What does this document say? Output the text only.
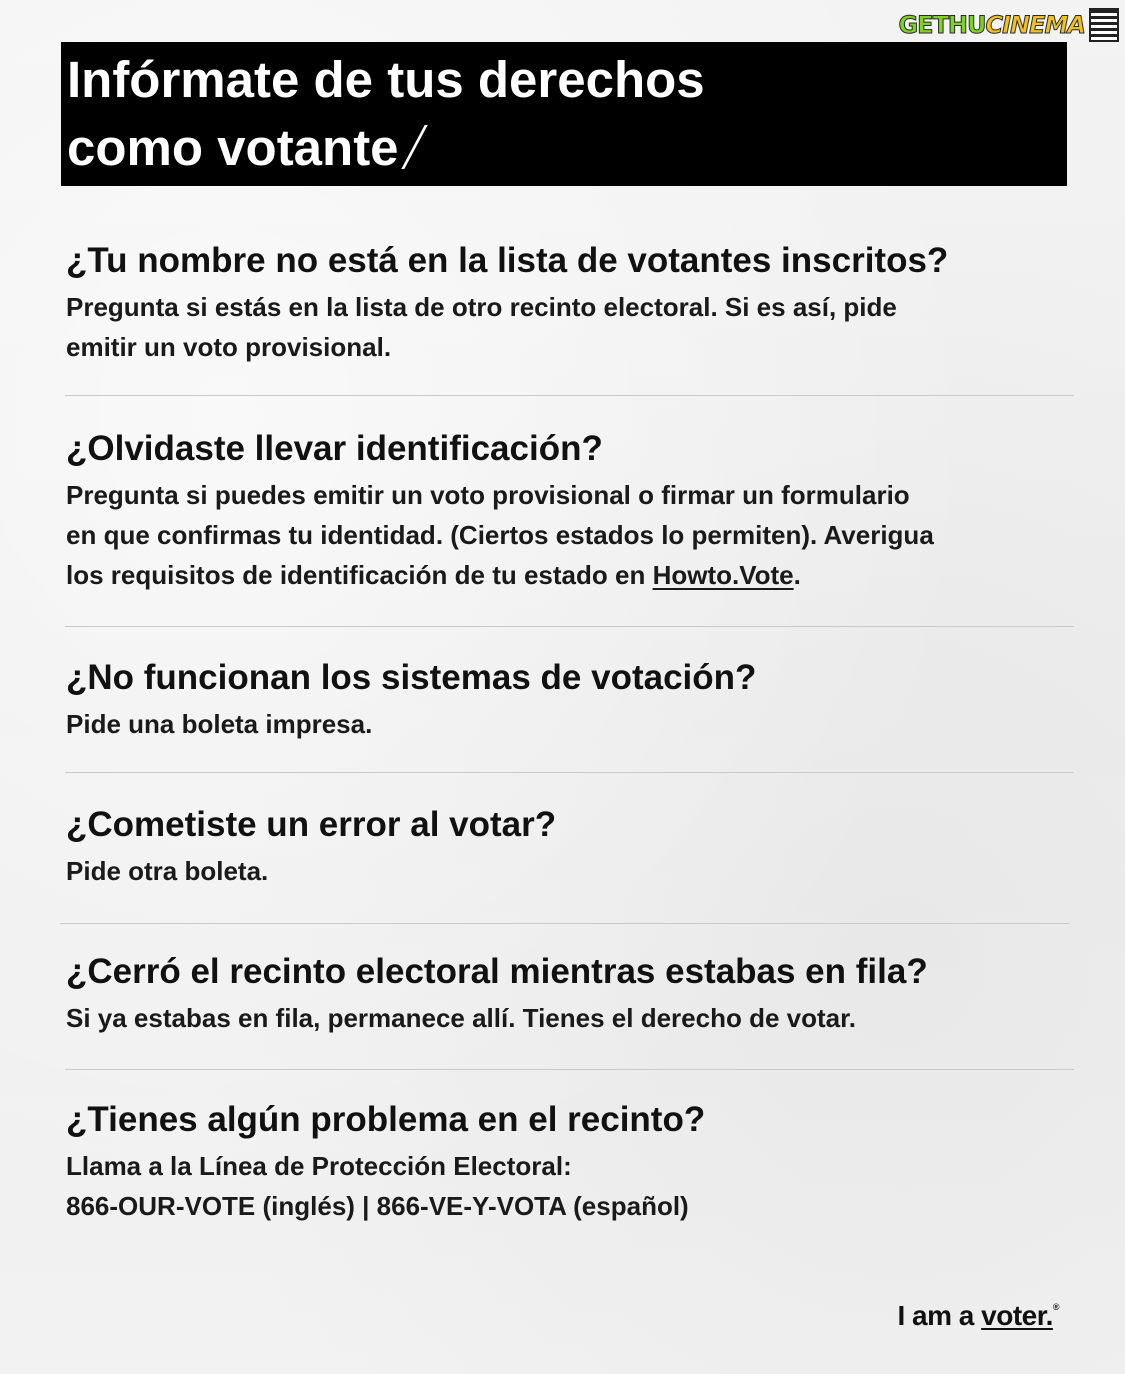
GETHU CINEMA
Infórmate de tus derechos
como votante
¿Tu nombre no está en la lista de votantes inscritos?
Pregunta si estás en la lista de otro recinto electoral. Si es así, pide
emitir un voto provisional.
¿Olvidaste llevar identificación?
Pregunta si puedes emitir un voto provisional o firmar un formulario
en que confirmas tu identidad. (Ciertos estados lo permiten). Averigua
los requisitos de identificación de tu estado en Howto.Vote.
¿No funcionan los sistemas de votación?
Pide una boleta impresa.
¿Cometiste un error al votar?
Pide otra boleta.
¿Cerró el recinto electoral mientras estabas en fila?
Si ya estabas en fila, permanece allí. Tienes el derecho de votar.
¿Tienes algún problema en el recinto?
Llama a la Línea de Protección Electoral:
866-OUR-VOTE (inglés) | 866-VE-Y-VOTA (español)
I am a voter.®
